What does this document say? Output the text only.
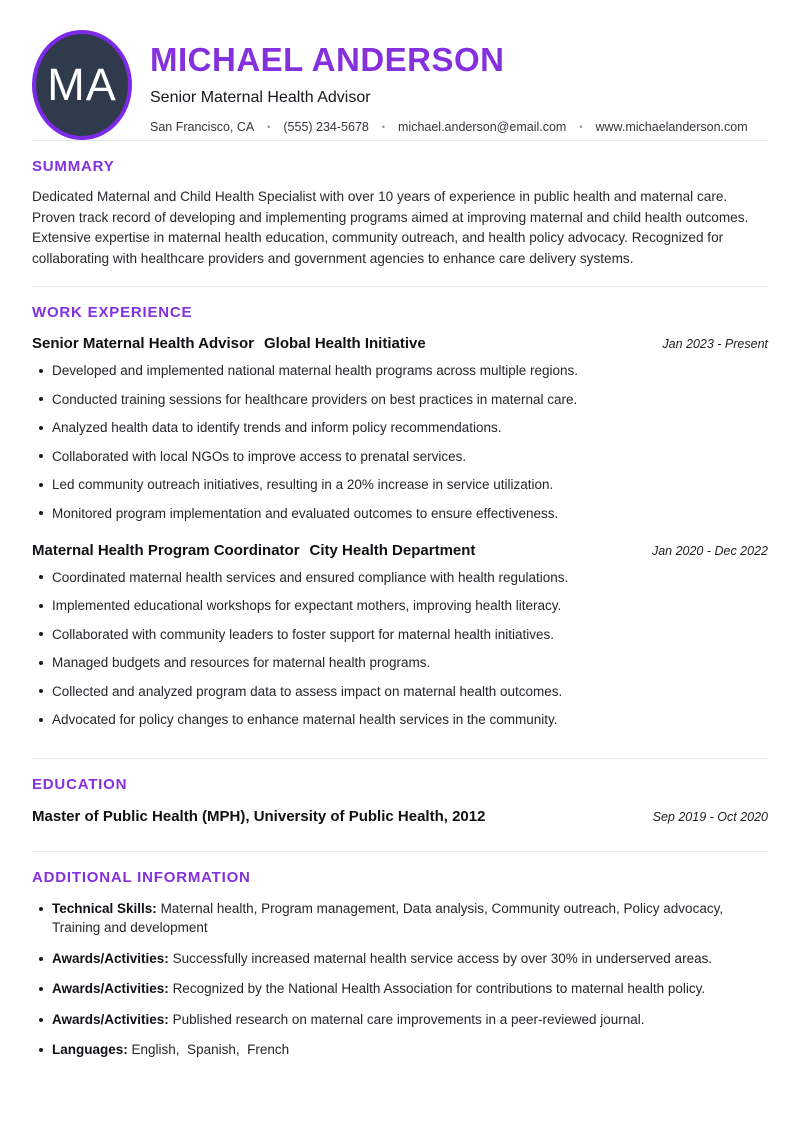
MA MICHAEL ANDERSON
Senior Maternal Health Advisor
San Francisco, CA • (555) 234-5678 • michael.anderson@email.com • www.michaelanderson.com
SUMMARY

Dedicated Maternal and Child Health Specialist with over 10 years of experience in public health and maternal care. Proven track record of developing and implementing programs aimed at improving maternal and child health outcomes. Extensive expertise in maternal health education, community outreach, and health policy advocacy. Recognized for collaborating with healthcare providers and government agencies to enhance care delivery systems.

WORK EXPERIENCE
Senior Maternal Health Advisor Global Health Initiative	Jan 2023 - Present
Developed and implemented national maternal health programs across multiple regions.
Conducted training sessions for healthcare providers on best practices in maternal care.
Analyzed health data to identify trends and inform policy recommendations.
Collaborated with local NGOs to improve access to prenatal services.
Led community outreach initiatives, resulting in a 20% increase in service utilization.
Monitored program implementation and evaluated outcomes to ensure effectiveness.
Maternal Health Program Coordinator City Health Department	Jan 2020 - Dec 2022
Coordinated maternal health services and ensured compliance with health regulations.
Implemented educational workshops for expectant mothers, improving health literacy.
Collaborated with community leaders to foster support for maternal health initiatives.
Managed budgets and resources for maternal health programs.
Collected and analyzed program data to assess impact on maternal health outcomes.
Advocated for policy changes to enhance maternal health services in the community.
EDUCATION
Master of Public Health (MPH), University of Public Health, 2012	Sep 2019 - Oct 2020
ADDITIONAL INFORMATION
Technical Skills: Maternal health, Program management, Data analysis, Community outreach, Policy advocacy, Training and development
Awards/Activities: Successfully increased maternal health service access by over 30% in underserved areas.
Awards/Activities: Recognized by the National Health Association for contributions to maternal health policy.
Awards/Activities: Published research on maternal care improvements in a peer-reviewed journal.
Languages: English,  Spanish,  French
